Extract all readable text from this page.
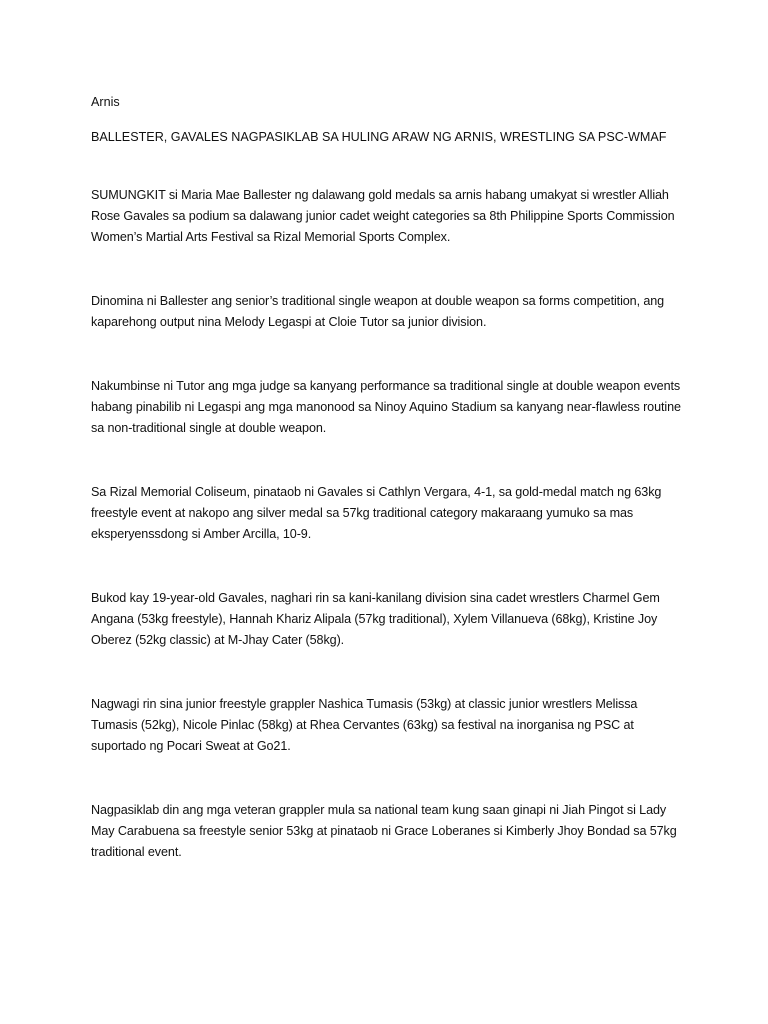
Arnis

BALLESTER, GAVALES NAGPASIKLAB SA HULING ARAW NG ARNIS, WRESTLING SA PSC-WMAF

SUMUNGKIT si Maria Mae Ballester ng dalawang gold medals sa arnis habang umakyat si wrestler Alliah Rose Gavales sa podium sa dalawang junior cadet weight categories sa 8th Philippine Sports Commission Women’s Martial Arts Festival sa Rizal Memorial Sports Complex.

Dinomina ni Ballester ang senior’s traditional single weapon at double weapon sa forms competition, ang kaparehong output nina Melody Legaspi at Cloie Tutor sa junior division.

Nakumbinse ni Tutor ang mga judge sa kanyang performance sa traditional single at double weapon events habang pinabilib ni Legaspi ang mga manonood sa Ninoy Aquino Stadium sa kanyang near-flawless routine sa non-traditional single at double weapon.

Sa Rizal Memorial Coliseum, pinataob ni Gavales si Cathlyn Vergara, 4-1, sa gold-medal match ng 63kg freestyle event at nakopo ang silver medal sa 57kg traditional category makaraang yumuko sa mas eksperyenssdong si Amber Arcilla, 10-9.

Bukod kay 19-year-old Gavales, naghari rin sa kani-kanilang division sina cadet wrestlers Charmel Gem Angana (53kg freestyle), Hannah Khariz Alipala (57kg traditional), Xylem Villanueva (68kg), Kristine Joy Oberez (52kg classic) at M-Jhay Cater (58kg).

Nagwagi rin sina junior freestyle grappler Nashica Tumasis (53kg) at classic junior wrestlers Melissa Tumasis (52kg), Nicole Pinlac (58kg) at Rhea Cervantes (63kg) sa festival na inorganisa ng PSC at suportado ng Pocari Sweat at Go21.

Nagpasiklab din ang mga veteran grappler mula sa national team kung saan ginapi ni Jiah Pingot si Lady May Carabuena sa freestyle senior 53kg at pinataob ni Grace Loberanes si Kimberly Jhoy Bondad sa 57kg traditional event.
